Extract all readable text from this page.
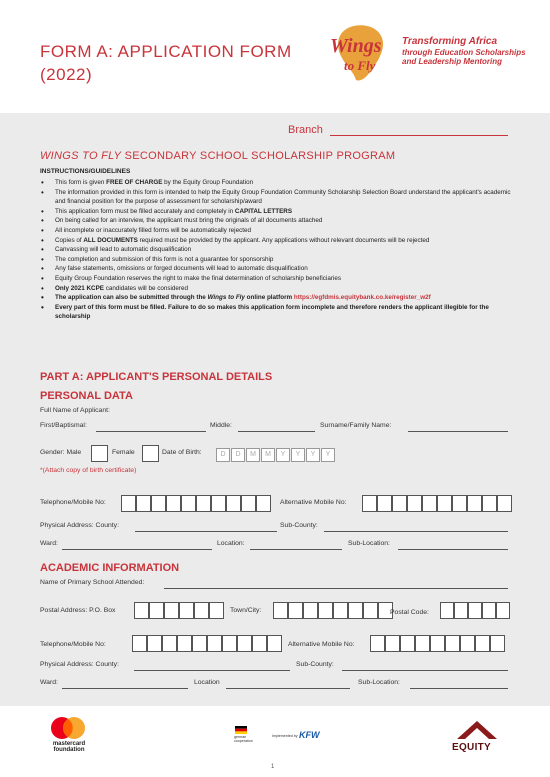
FORM A: APPLICATION FORM
(2022)
Wings
to Fly
Transforming Africa
through Education Scholarships
and Leadership Mentoring
Branch
WINGS TO FLY SECONDARY SCHOOL SCHOLARSHIP PROGRAM
INSTRUCTIONS/GUIDELINES
• This form is given FREE OF CHARGE by the Equity Group Foundation
• The information provided in this form is intended to help the Equity Group Foundation Community Scholarship Selection Board understand the applicant's academic and financial position for the purpose of assessment for scholarship/award
• This application form must be filled accurately and completely in CAPITAL LETTERS
• On being called for an interview, the applicant must bring the originals of all documents attached
• All incomplete or inaccurately filled forms will be automatically rejected
• Copies of ALL DOCUMENTS required must be provided by the applicant. Any applications without relevant documents will be rejected
• Canvassing will lead to automatic disqualification
• The completion and submission of this form is not a guarantee for sponsorship
• Any false statements, omissions or forged documents will lead to automatic disqualification
• Equity Group Foundation reserves the right to make the final determination of scholarship beneficiaries
• Only 2021 KCPE candidates will be considered
• The application can also be submitted through the Wings to Fly online platform https://egfdmis.equitybank.co.ke/register_w2f
• Every part of this form must be filled. Failure to do so makes this application form incomplete and therefore renders the applicant illegible for the scholarship
PART A: APPLICANT'S PERSONAL DETAILS
PERSONAL DATA
Full Name of Applicant:
First/Baptismal:	Middle:	Surname/Family Name:
Gender: Male	Female	Date of Birth:	D	D	M	M	Y	Y	Y	Y
*(Attach copy of birth certificate)
Telephone/Mobile No:	Alternative Mobile No:
Physical Address: County:	Sub-County:
Ward:	Location:	Sub-Location:
ACADEMIC INFORMATION
Name of Primary School Attended:
Postal Address: P.O. Box	Town/City:	Postal Code:
Telephone/Mobile No:	Alternative Mobile No:
Physical Address: County:	Sub-County:
Ward:	Location	Sub-Location:
mastercard
foundation
german
cooperation
Implemented by KFW
EQUITY
1
